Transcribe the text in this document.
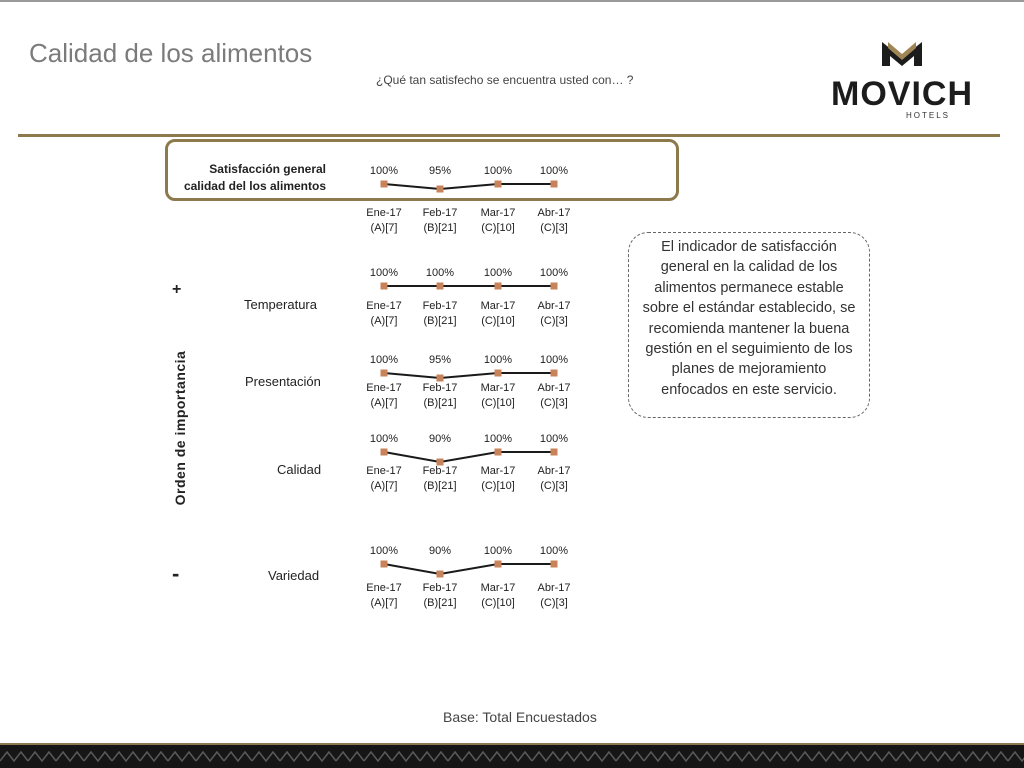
Calidad de los alimentos
¿Qué tan satisfecho se encuentra usted con… ?	MOVICH
HOTELS
Satisfacción general
calidad del los alimentos
Temperatura
Presentación
Calidad
Variedad
Orden de importancia
+
-
100%
Ene-17
(A)[7]
95%
Feb-17
(B)[21]
100%
Mar-17
(C)[10]
100%
Abr-17
(C)[3]
100%
Ene-17
(A)[7]
100%
Feb-17
(B)[21]
100%
Mar-17
(C)[10]
100%
Abr-17
(C)[3]
100%
Ene-17
(A)[7]
95%
Feb-17
(B)[21]
100%
Mar-17
(C)[10]
100%
Abr-17
(C)[3]
100%
Ene-17
(A)[7]
90%
Feb-17
(B)[21]
100%
Mar-17
(C)[10]
100%
Abr-17
(C)[3]
100%
Ene-17
(A)[7]
90%
Feb-17
(B)[21]
100%
Mar-17
(C)[10]
100%
Abr-17
(C)[3]
El indicador de satisfacción general en la calidad de los alimentos permanece estable sobre el estándar establecido, se recomienda mantener la buena gestión en el seguimiento de los planes de mejoramiento enfocados en este servicio.
Base: Total Encuestados
